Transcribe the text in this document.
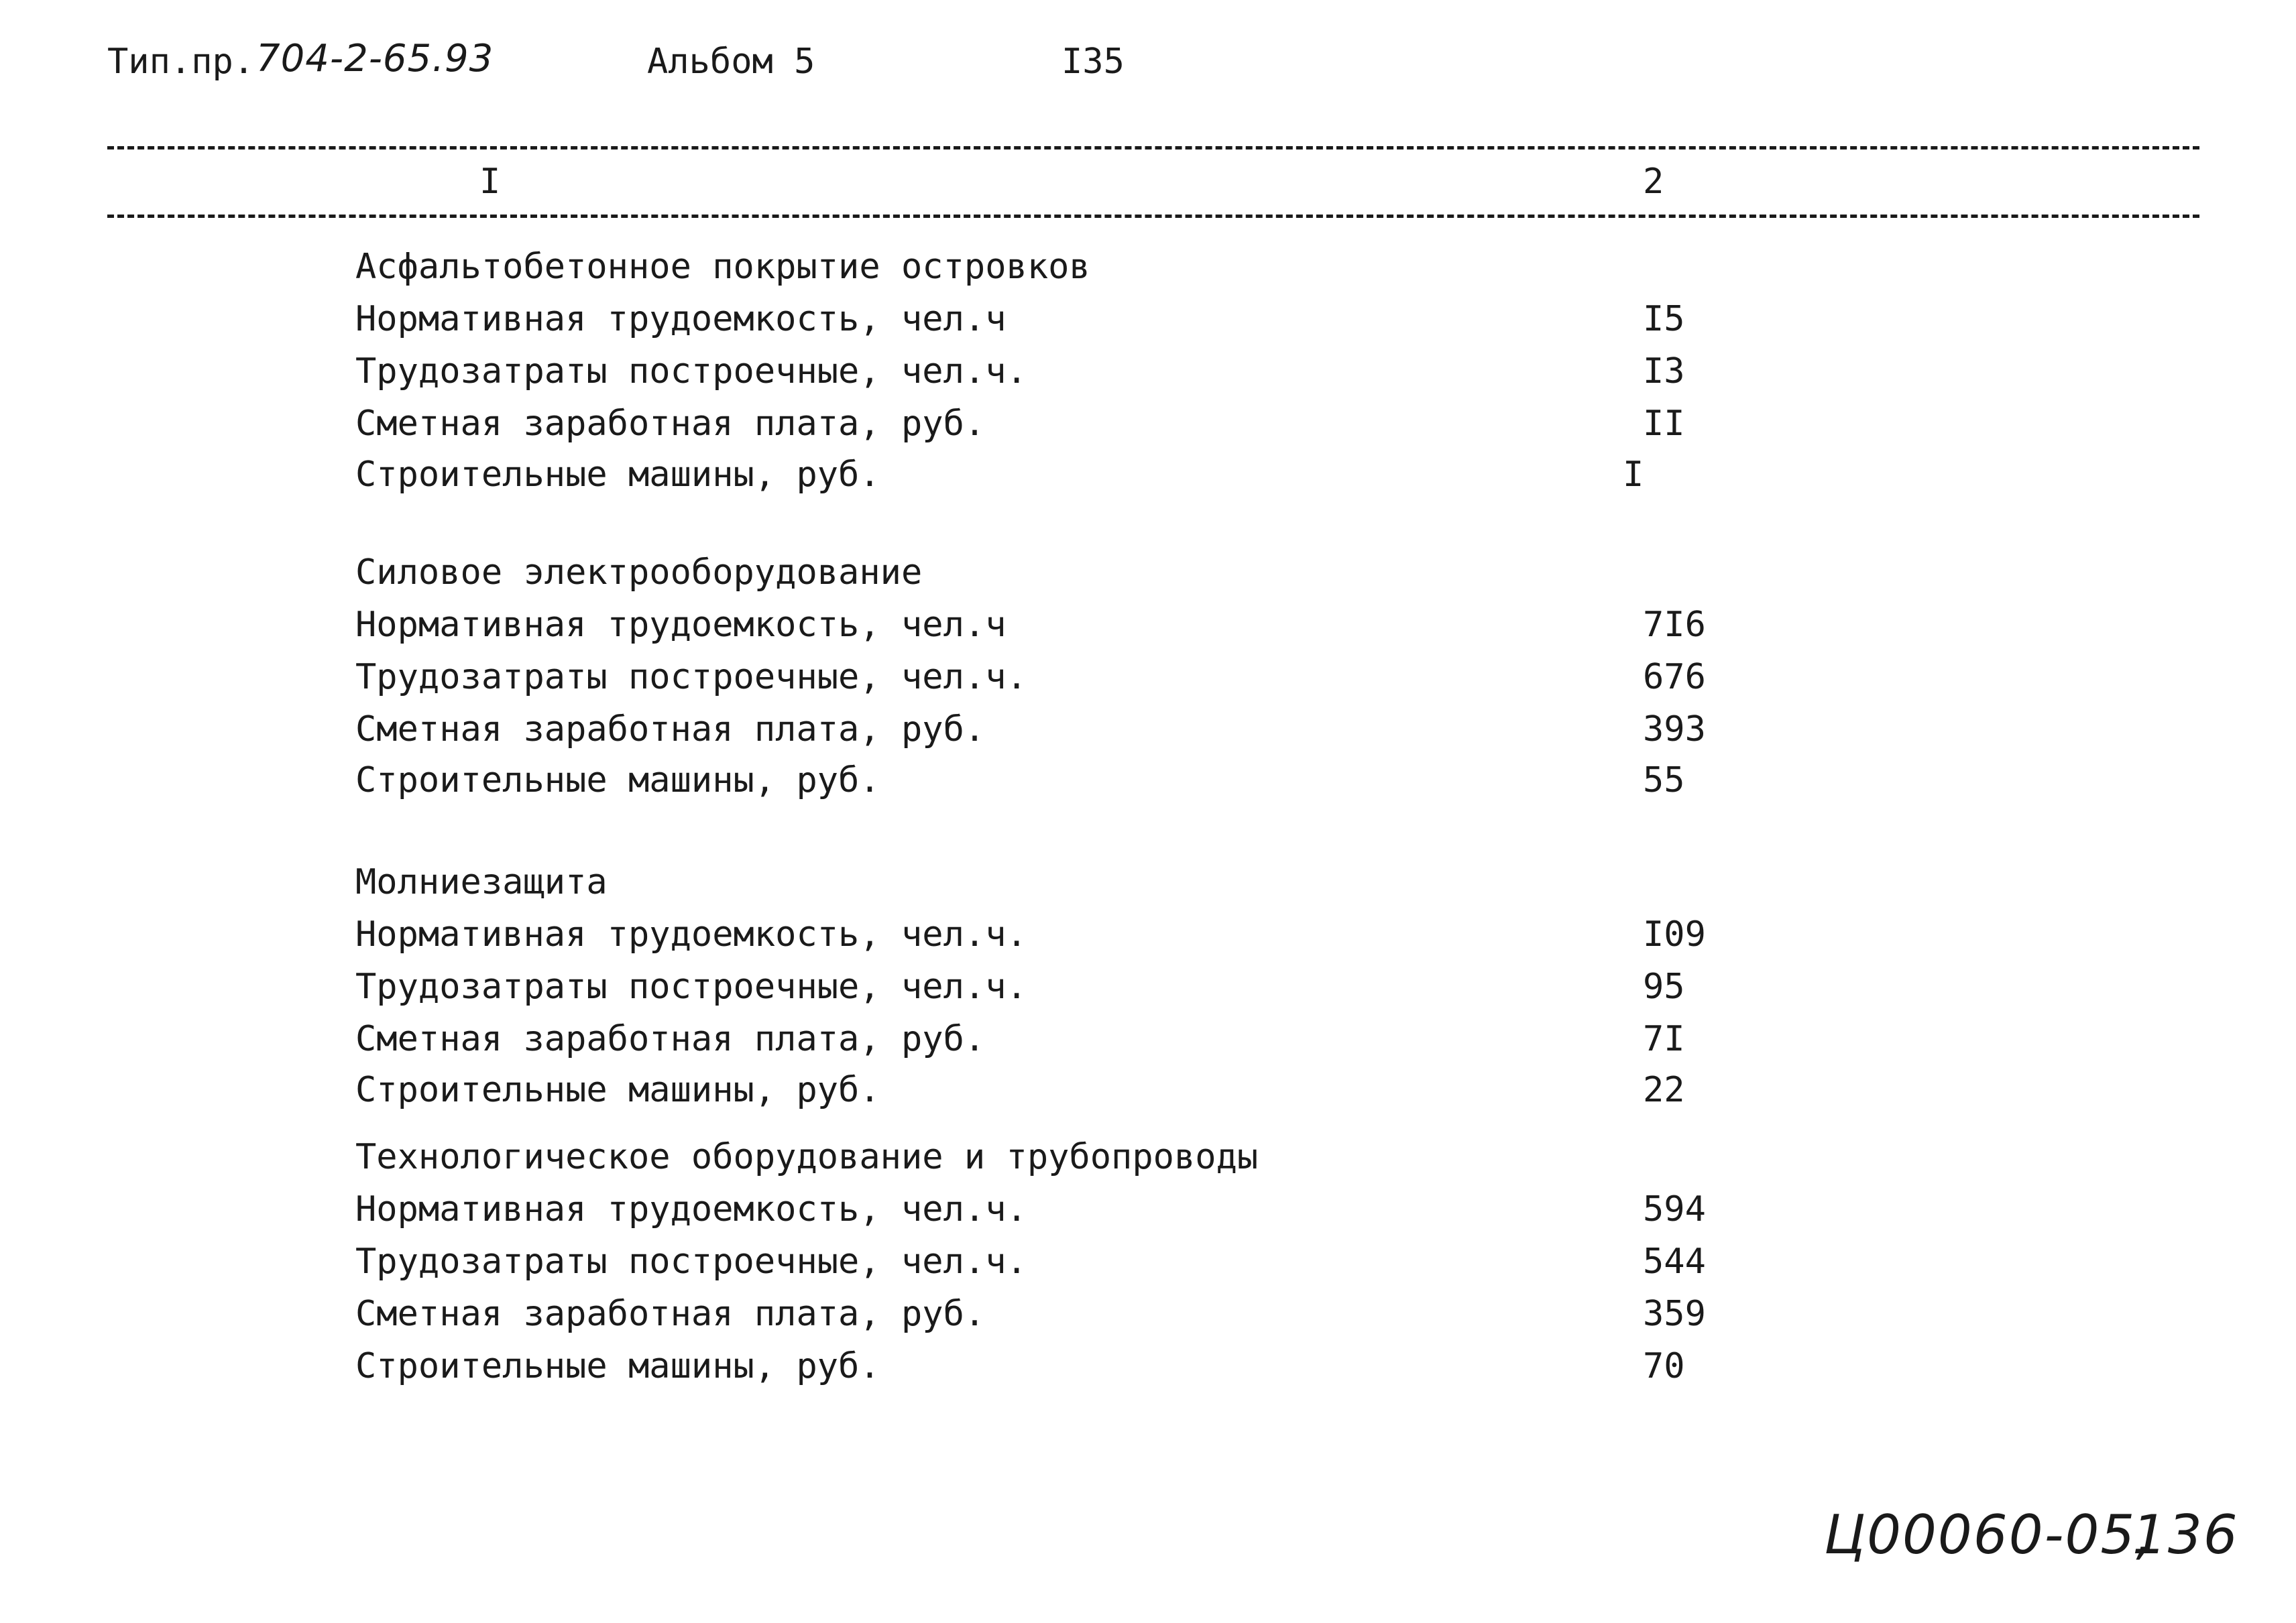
Тип.пр. 704-2-65.93	Альбом 5	I35
I	2
Асфальтобетонное покрытие островков
Нормативная трудоемкость, чел.ч	I5
Трудозатраты построечные, чел.ч.	I3
Сметная заработная плата, руб.	II
Строительные машины, руб.	I
Силовое электрооборудование
Нормативная трудоемкость, чел.ч	7I6
Трудозатраты построечные, чел.ч.	676
Сметная заработная плата, руб.	393
Строительные машины, руб.	55
Молниезащита
Нормативная трудоемкость, чел.ч.	I09
Трудозатраты построечные, чел.ч.	95
Сметная заработная плата, руб.	7I
Строительные машины, руб.	22
Технологическое оборудование и трубопроводы
Нормативная трудоемкость, чел.ч.	594
Трудозатраты построечные, чел.ч.	544
Сметная заработная плата, руб.	359
Строительные машины, руб.	70
Ц00060-05,
136
